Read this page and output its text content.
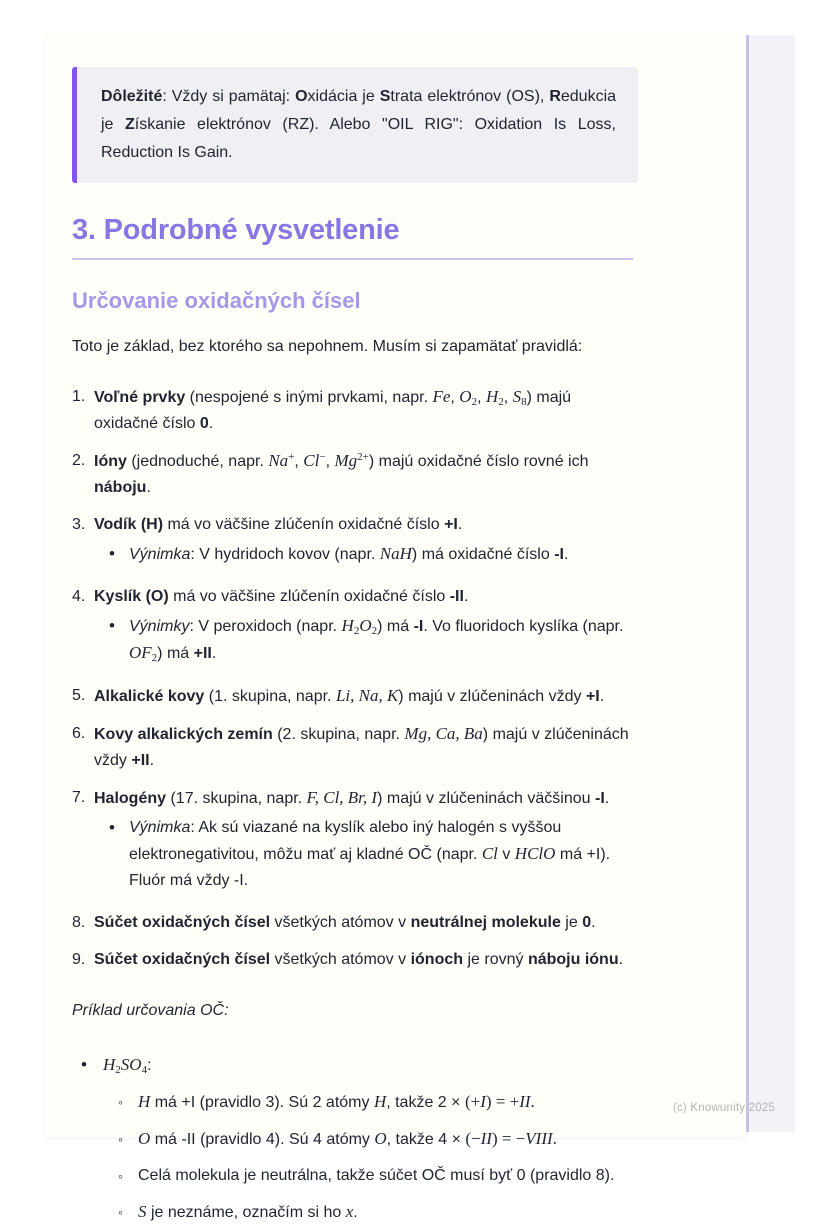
Dôležité: Vždy si pamätaj: Oxidácia je Strata elektrónov (OS), Redukcia je Získanie elektrónov (RZ). Alebo "OIL RIG": Oxidation Is Loss, Reduction Is Gain.
3. Podrobné vysvetlenie
Určovanie oxidačných čísel
Toto je základ, bez ktorého sa nepohnem. Musím si zapamätať pravidlá:
1. Voľné prvky (nespojené s inými prvkami, napr. Fe, $O_2$, $H_2$, $S_8$) majú oxidačné číslo 0.
2. Ióny (jednoduché, napr. Na+, Cl−, $Mg^{2+}$) majú oxidačné číslo rovné ich náboju.
3. Vodík (H) má vo väčšine zlúčenín oxidačné číslo +I.
• Výnimka: V hydridoch kovov (napr. NaH) má oxidačné číslo -I.
4. Kyslík (O) má vo väčšine zlúčenín oxidačné číslo -II.
• Výnimky: V peroxidoch (napr. $H_2O_2$) má -I. Vo fluoridoch kyslíka (napr. $OF_2$) má +II.
5. Alkalické kovy (1. skupina, napr. Li, Na, K) majú v zlúčeninách vždy +I.
6. Kovy alkalických zemín (2. skupina, napr. Mg, Ca, Ba) majú v zlúčeninách vždy +II.
7. Halogény (17. skupina, napr. F, Cl, Br, I) majú v zlúčeninách väčšinou -I.
• Výnimka: Ak sú viazané na kyslík alebo iný halogén s vyššou elektronegativitou, môžu mať aj kladné OČ (napr. Cl v HClO má +I). Fluór má vždy -I.
8. Súčet oxidačných čísel všetkých atómov v neutrálnej molekule je 0.
9. Súčet oxidačných čísel všetkých atómov v iónoch je rovný náboju iónu.
Príklad určovania OČ:
• $H_2SO_4$:
◦ H má +I (pravidlo 3). Sú 2 atómy H, takže 2 × (+I) = +II.
◦ O má -II (pravidlo 4). Sú 4 atómy O, takže 4 × (−II) = −VIII.
◦ Celá molekula je neutrálna, takže súčet OČ musí byť 0 (pravidlo 8).
◦ S je neznáme, označím si ho x.
(c) Knowunity 2025
